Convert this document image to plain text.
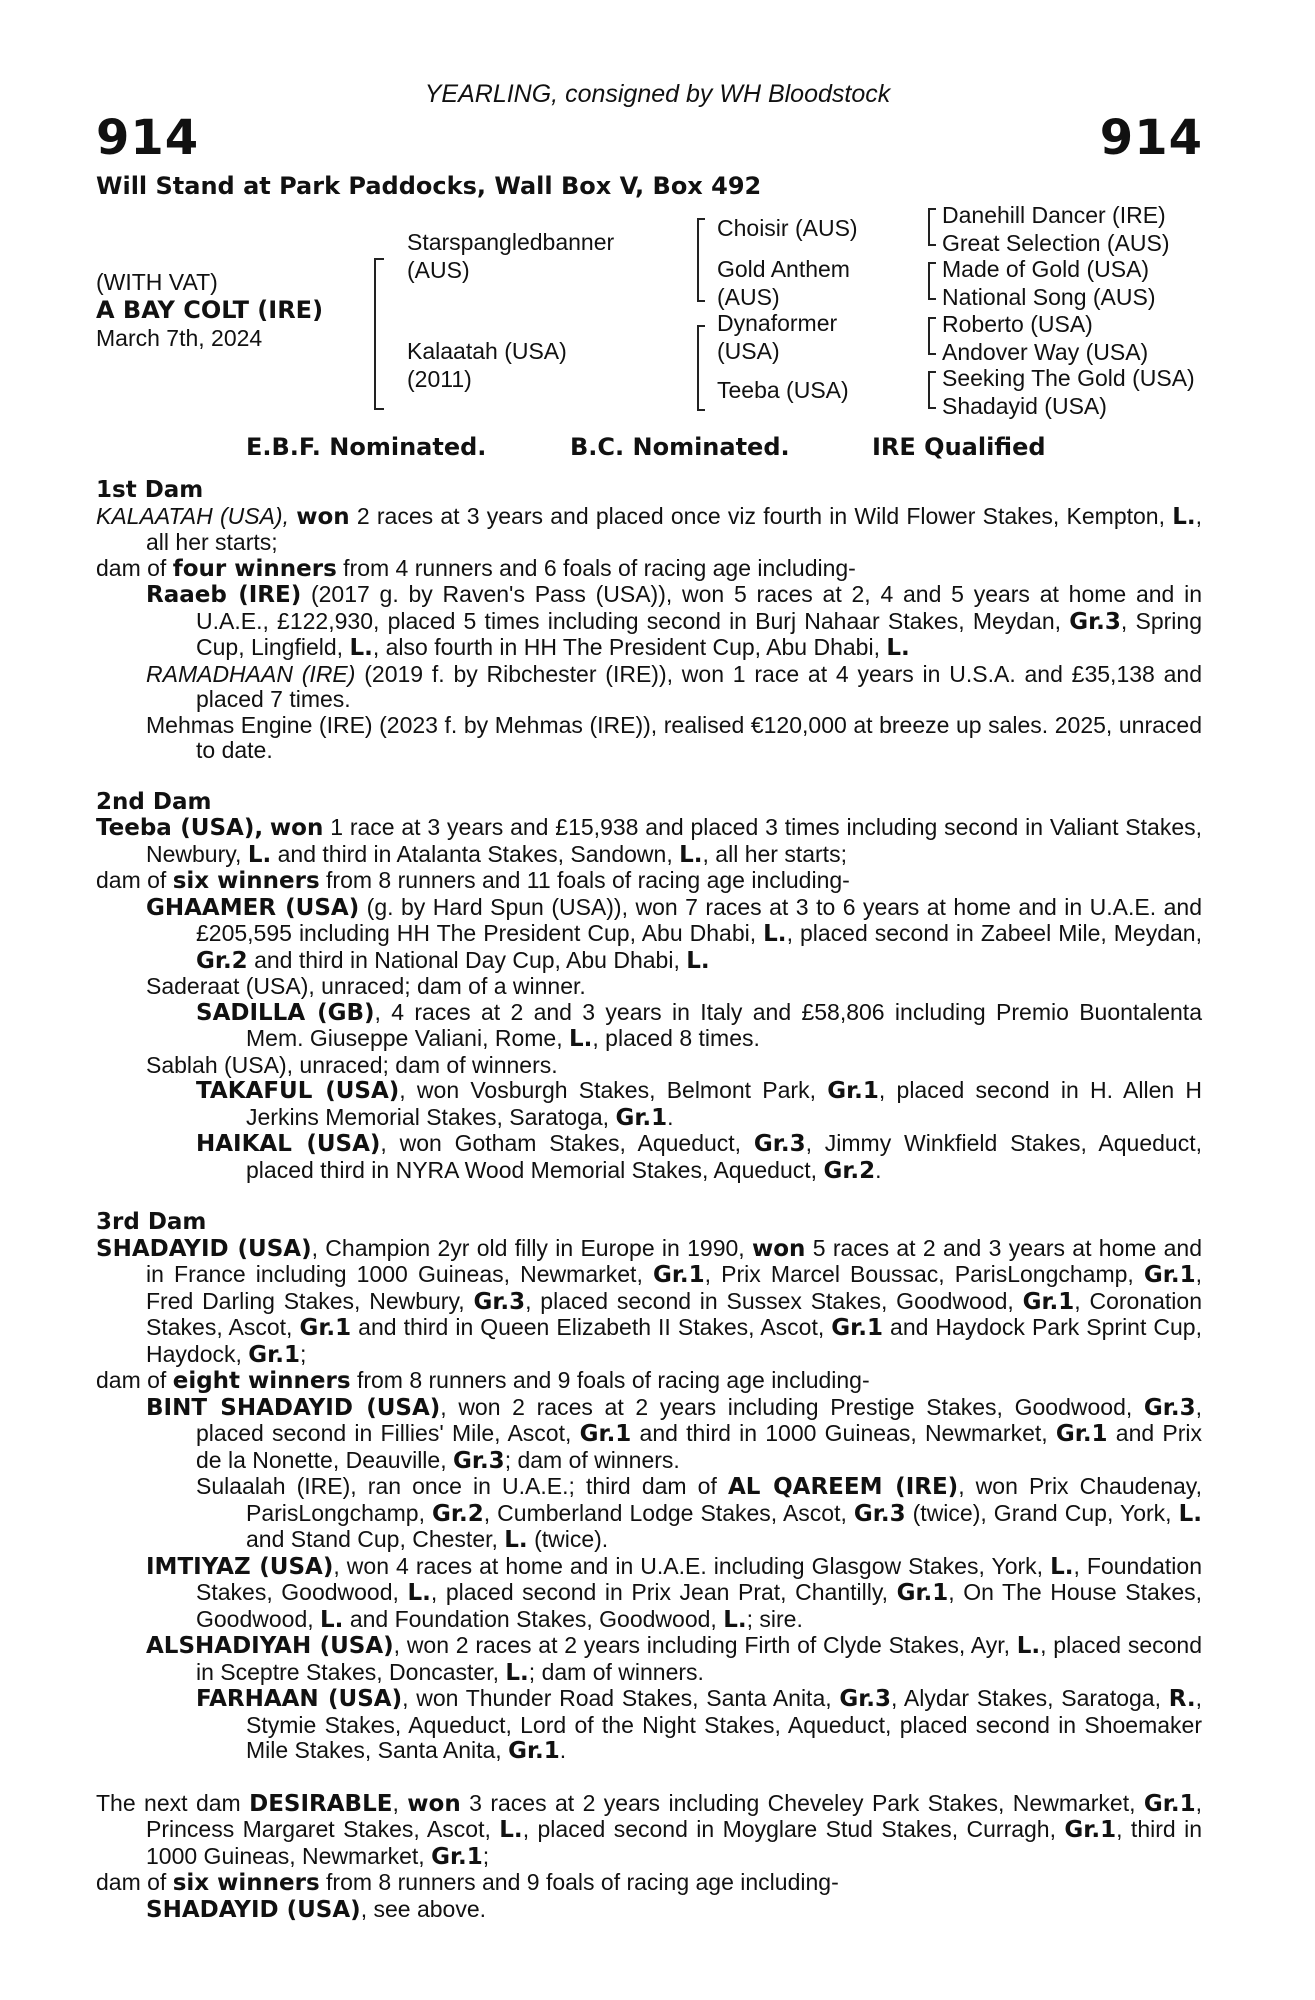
YEARLING, consigned by WH Bloodstock
914	914
Will Stand at Park Paddocks, Wall Box V, Box 492
(WITH VAT)
A BAY COLT (IRE)
March 7th, 2024
Starspangledbanner
(AUS)
Kalaatah (USA)
(2011)
Choisir (AUS)
Gold Anthem
(AUS)
Dynaformer
(USA)
Teeba (USA)
Danehill Dancer (IRE)
Great Selection (AUS)
Made of Gold (USA)
National Song (AUS)
Roberto (USA)
Andover Way (USA)
Seeking The Gold (USA)
Shadayid (USA)
E.B.F. Nominated.	B.C. Nominated.	IRE Qualified
1st Dam

KALAATAH (USA), won 2 races at 3 years and placed once viz fourth in Wild Flower Stakes, Kempton, L., all her starts;

dam of four winners from 4 runners and 6 foals of racing age including-

Raaeb (IRE) (2017 g. by Raven's Pass (USA)), won 5 races at 2, 4 and 5 years at home and in U.A.E., £122,930, placed 5 times including second in Burj Nahaar Stakes, Meydan, Gr.3, Spring Cup, Lingfield, L., also fourth in HH The President Cup, Abu Dhabi, L.

RAMADHAAN (IRE) (2019 f. by Ribchester (IRE)), won 1 race at 4 years in U.S.A. and £35,138 and placed 7 times.

Mehmas Engine (IRE) (2023 f. by Mehmas (IRE)), realised €120,000 at breeze up sales. 2025, unraced to date.

2nd Dam

Teeba (USA), won 1 race at 3 years and £15,938 and placed 3 times including second in Valiant Stakes, Newbury, L. and third in Atalanta Stakes, Sandown, L., all her starts;

dam of six winners from 8 runners and 11 foals of racing age including-

GHAAMER (USA) (g. by Hard Spun (USA)), won 7 races at 3 to 6 years at home and in U.A.E. and £205,595 including HH The President Cup, Abu Dhabi, L., placed second in Zabeel Mile, Meydan, Gr.2 and third in National Day Cup, Abu Dhabi, L.

Saderaat (USA), unraced; dam of a winner.

SADILLA (GB), 4 races at 2 and 3 years in Italy and £58,806 including Premio Buontalenta Mem. Giuseppe Valiani, Rome, L., placed 8 times.

Sablah (USA), unraced; dam of winners.

TAKAFUL (USA), won Vosburgh Stakes, Belmont Park, Gr.1, placed second in H. Allen H Jerkins Memorial Stakes, Saratoga, Gr.1.

HAIKAL (USA), won Gotham Stakes, Aqueduct, Gr.3, Jimmy Winkfield Stakes, Aqueduct, placed third in NYRA Wood Memorial Stakes, Aqueduct, Gr.2.

3rd Dam

SHADAYID (USA), Champion 2yr old filly in Europe in 1990, won 5 races at 2 and 3 years at home and in France including 1000 Guineas, Newmarket, Gr.1, Prix Marcel Boussac, ParisLongchamp, Gr.1, Fred Darling Stakes, Newbury, Gr.3, placed second in Sussex Stakes, Goodwood, Gr.1, Coronation Stakes, Ascot, Gr.1 and third in Queen Elizabeth II Stakes, Ascot, Gr.1 and Haydock Park Sprint Cup, Haydock, Gr.1;

dam of eight winners from 8 runners and 9 foals of racing age including-

BINT SHADAYID (USA), won 2 races at 2 years including Prestige Stakes, Goodwood, Gr.3, placed second in Fillies' Mile, Ascot, Gr.1 and third in 1000 Guineas, Newmarket, Gr.1 and Prix de la Nonette, Deauville, Gr.3; dam of winners.

Sulaalah (IRE), ran once in U.A.E.; third dam of AL QAREEM (IRE), won Prix Chaudenay, ParisLongchamp, Gr.2, Cumberland Lodge Stakes, Ascot, Gr.3 (twice), Grand Cup, York, L. and Stand Cup, Chester, L. (twice).

IMTIYAZ (USA), won 4 races at home and in U.A.E. including Glasgow Stakes, York, L., Foundation Stakes, Goodwood, L., placed second in Prix Jean Prat, Chantilly, Gr.1, On The House Stakes, Goodwood, L. and Foundation Stakes, Goodwood, L.; sire.

ALSHADIYAH (USA), won 2 races at 2 years including Firth of Clyde Stakes, Ayr, L., placed second in Sceptre Stakes, Doncaster, L.; dam of winners.

FARHAAN (USA), won Thunder Road Stakes, Santa Anita, Gr.3, Alydar Stakes, Saratoga, R., Stymie Stakes, Aqueduct, Lord of the Night Stakes, Aqueduct, placed second in Shoemaker Mile Stakes, Santa Anita, Gr.1.

The next dam DESIRABLE, won 3 races at 2 years including Cheveley Park Stakes, Newmarket, Gr.1, Princess Margaret Stakes, Ascot, L., placed second in Moyglare Stud Stakes, Curragh, Gr.1, third in 1000 Guineas, Newmarket, Gr.1;

dam of six winners from 8 runners and 9 foals of racing age including-

SHADAYID (USA), see above.
